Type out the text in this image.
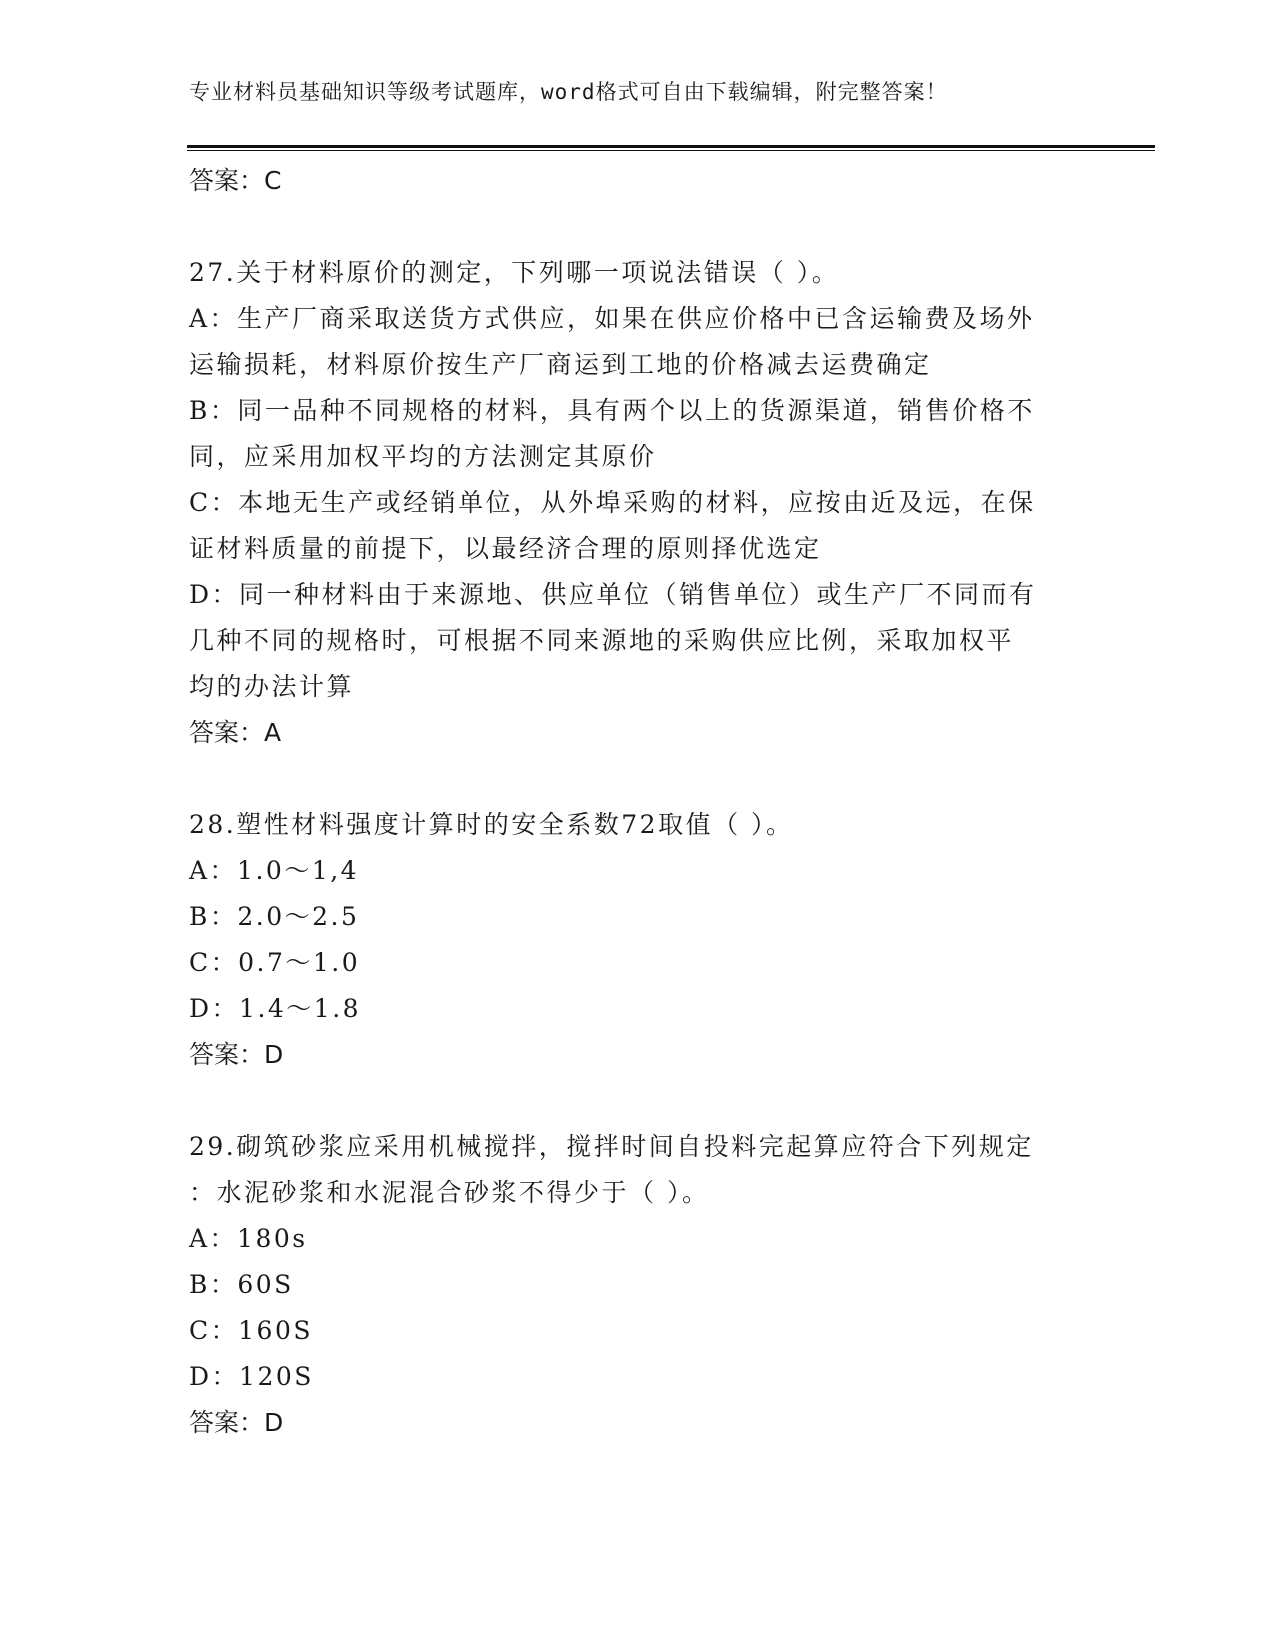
专业材料员基础知识等级考试题库，word格式可自由下载编辑，附完整答案！
答案：C

27.关于材料原价的测定，下列哪一项说法错误（ ）。

A：生产厂商采取送货方式供应，如果在供应价格中已含运输费及场外
运输损耗，材料原价按生产厂商运到工地的价格减去运费确定

B：同一品种不同规格的材料，具有两个以上的货源渠道，销售价格不
同，应采用加权平均的方法测定其原价

C：本地无生产或经销单位，从外埠采购的材料，应按由近及远，在保
证材料质量的前提下，以最经济合理的原则择优选定

D：同一种材料由于来源地、供应单位（销售单位）或生产厂不同而有
几种不同的规格时，可根据不同来源地的采购供应比例，采取加权平
均的办法计算

答案：A

28.塑性材料强度计算时的安全系数72取值（ ）。

A：1.0～1,4

B：2.0～2.5

C：0.7～1.0

D：1.4～1.8

答案：D

29.砌筑砂浆应采用机械搅拌，搅拌时间自投料完起算应符合下列规定
：水泥砂浆和水泥混合砂浆不得少于（ ）。

A：180s

B：60S

C：160S

D：120S

答案：D
